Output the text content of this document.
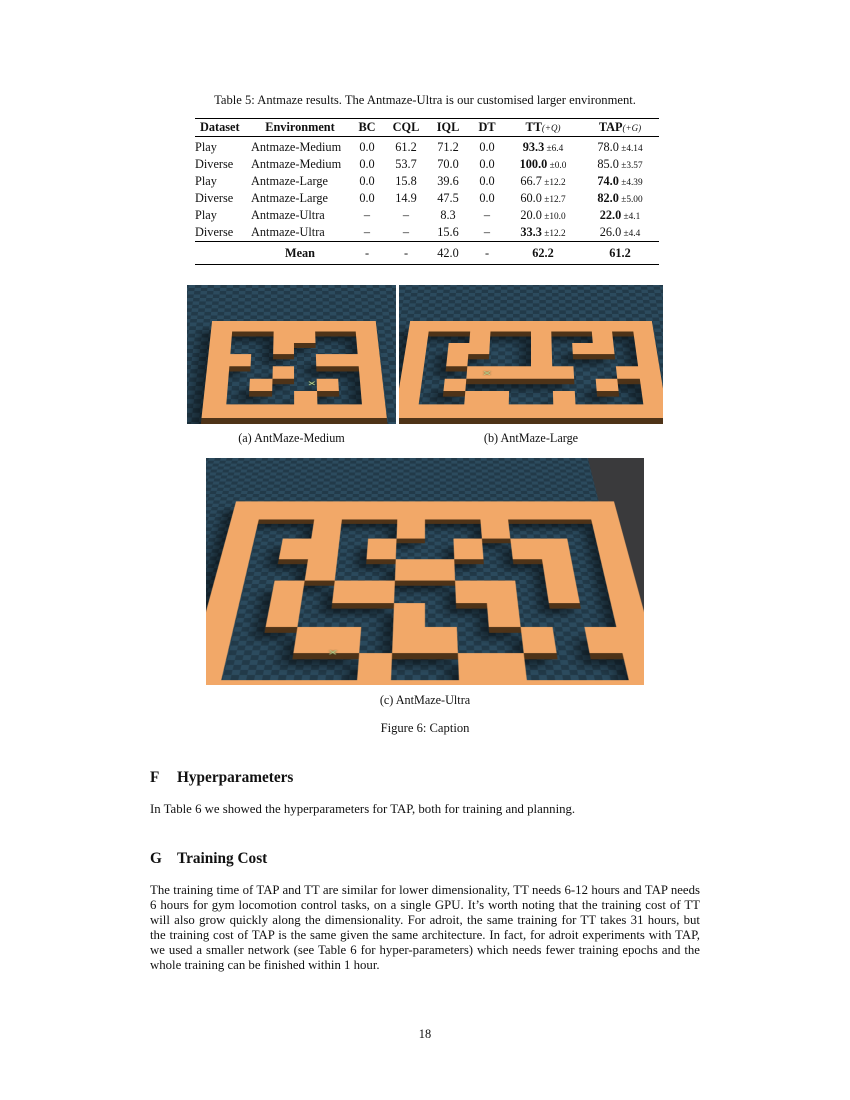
Table 5: Antmaze results. The Antmaze-Ultra is our customised larger environment.
Dataset	Environment	BC	CQL	IQL	DT	TT(+Q)	TAP(+G)
Play	Antmaze-Medium	0.0	61.2	71.2	0.0	93.3 ±6.4	78.0 ±4.14
Diverse	Antmaze-Medium	0.0	53.7	70.0	0.0	100.0 ±0.0	85.0 ±3.57
Play	Antmaze-Large	0.0	15.8	39.6	0.0	66.7 ±12.2	74.0 ±4.39
Diverse	Antmaze-Large	0.0	14.9	47.5	0.0	60.0 ±12.7	82.0 ±5.00
Play	Antmaze-Ultra	–	–	8.3	–	20.0 ±10.0	22.0 ±4.1
Diverse	Antmaze-Ultra	–	–	15.6	–	33.3 ±12.2	26.0 ±4.4
	Mean	-	-	42.0	-	62.2	61.2
✕
✕
(a) AntMaze-Medium	(b) AntMaze-Large
✕
(c) AntMaze-Ultra
Figure 6: Caption
F Hyperparameters
In Table 6 we showed the hyperparameters for TAP, both for training and planning.
G Training Cost
The training time of TAP and TT are similar for lower dimensionality, TT needs 6-12 hours and TAP needs 6 hours for gym locomotion control tasks, on a single GPU. It’s worth noting that the training cost of TT will also grow quickly along the dimensionality. For adroit, the same training for TT takes 31 hours, but the training cost of TAP is the same given the same architecture. In fact, for adroit experiments with TAP, we used a smaller network (see Table 6 for hyper-parameters) which needs fewer training epochs and the whole training can be finished within 1 hour.
18
